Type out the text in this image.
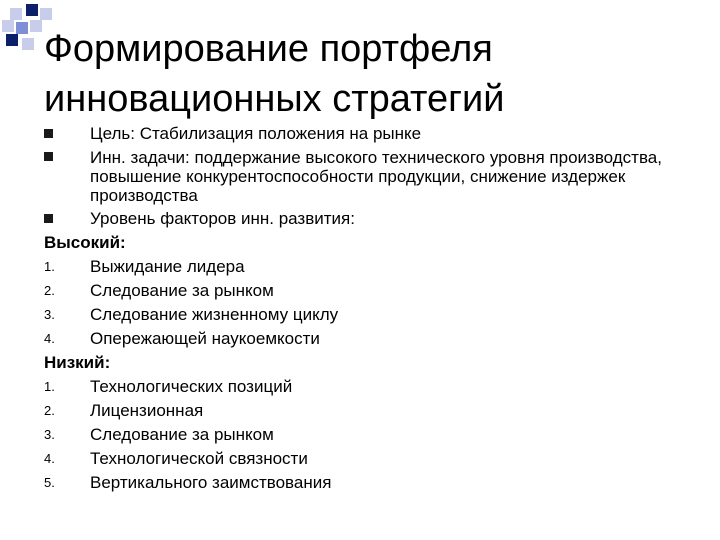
Формирование портфеля
инновационных стратегий
Цель: Стабилизация положения на рынке
Инн. задачи: поддержание высокого технического уровня производства, повышение конкурентоспособности продукции, снижение издержек производства
Уровень факторов инн. развития:
Высокий:
1. Выжидание лидера
2. Следование за рынком
3. Следование жизненному циклу
4. Опережающей наукоемкости
Низкий:
1. Технологических позиций
2. Лицензионная
3. Следование за рынком
4. Технологической связности
5. Вертикального заимствования
